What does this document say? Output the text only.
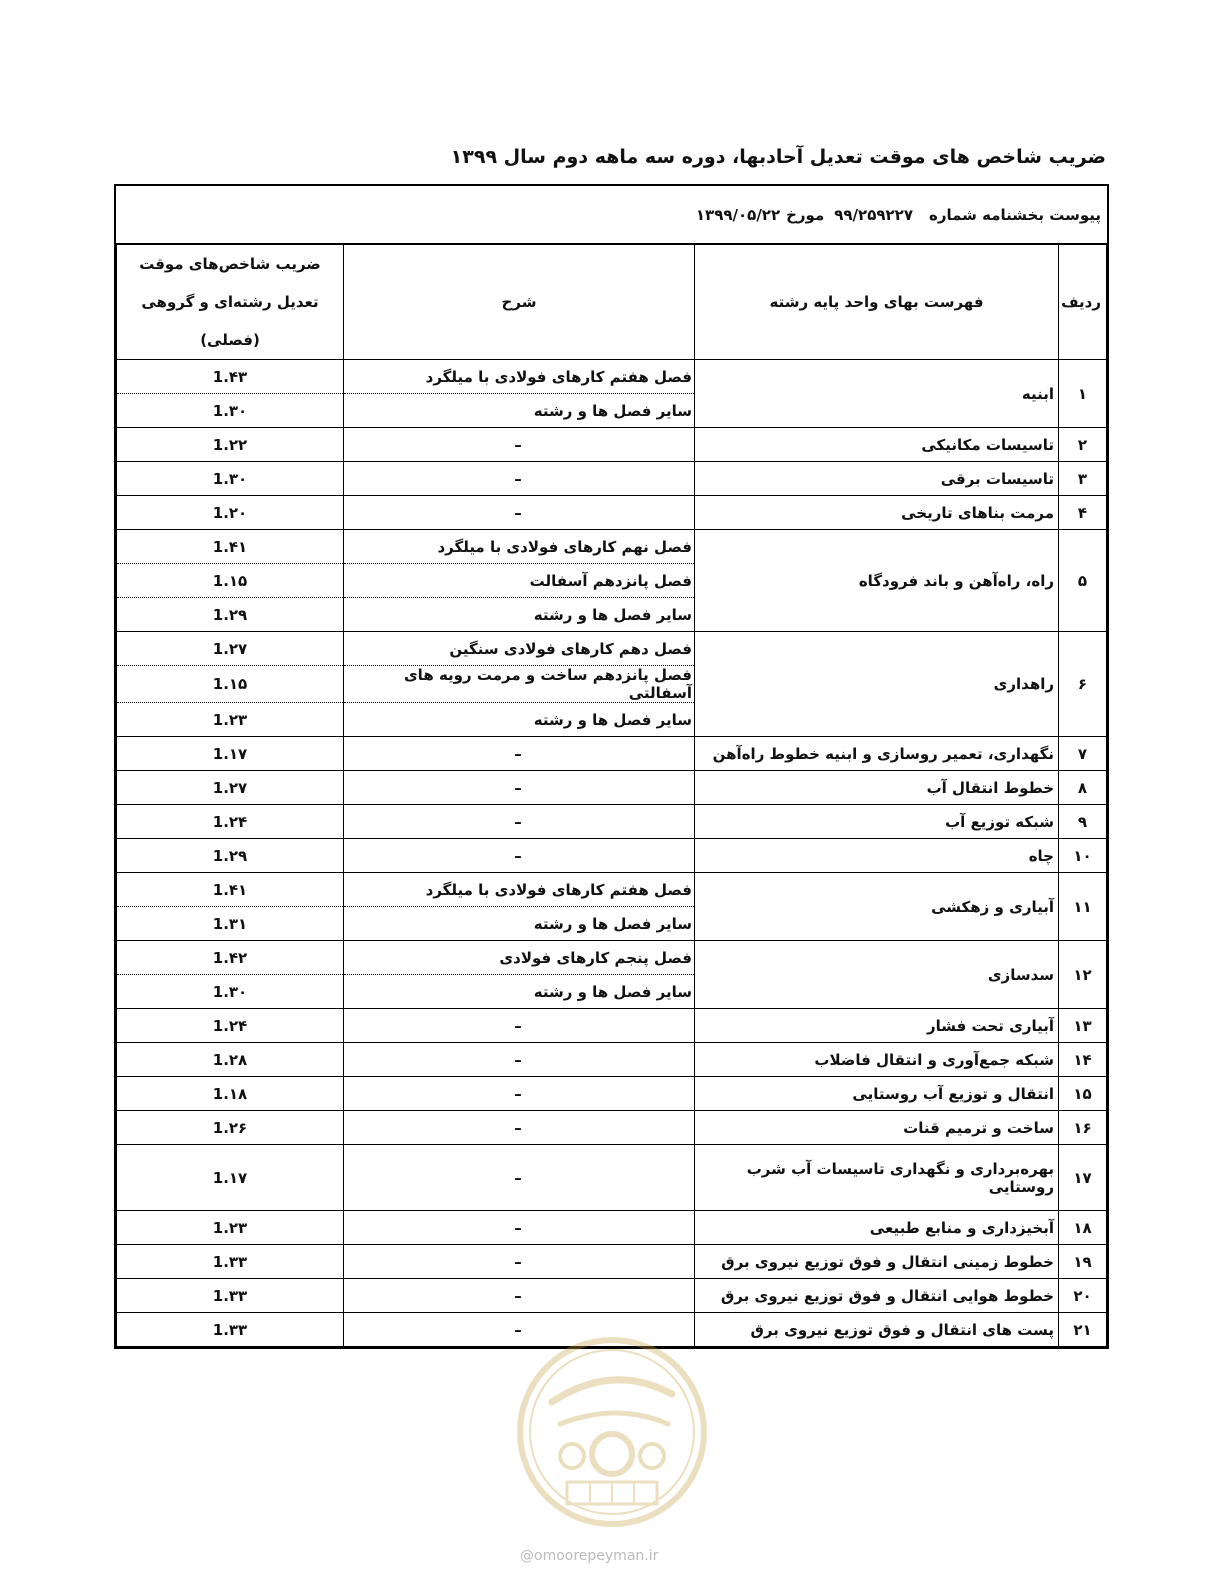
ضریب شاخص های موقت تعدیل آحادبها، دوره سه ماهه دوم سال ۱۳۹۹
پیوست بخشنامه شماره
۹۹/۲۵۹۲۲۷
مورخ
۱۳۹۹/۰۵/۲۲
ردیف	فهرست بهای واحد پایه رشته	شرح	ضریب شاخص‌های موقت تعدیل رشته‌ای و گروهی (فصلی)
۱	ابنیه	فصل هفتم کارهای فولادی با میلگرد	1.۴۳
		سایر فصل ها و رشته	1.۳۰
۲	تاسیسات مکانیکی	–	1.۲۲
۳	تاسیسات برقی	–	1.۳۰
۴	مرمت بناهای تاریخی	–	1.۲۰
۵	راه، راه‌آهن و باند فرودگاه	فصل نهم کارهای فولادی با میلگرد	1.۴۱
		فصل پانزدهم آسفالت	1.۱۵
		سایر فصل ها و رشته	1.۲۹
۶	راهداری	فصل دهم کارهای فولادی سنگین	1.۲۷
		فصل پانزدهم ساخت و مرمت رویه های آسفالتی	1.۱۵
		سایر فصل ها و رشته	1.۲۳
۷	نگهداری، تعمیر روسازی و ابنیه خطوط راه‌آهن	–	1.۱۷
۸	خطوط انتقال آب	–	1.۲۷
۹	شبکه توزیع آب	–	1.۲۴
۱۰	چاه	–	1.۲۹
۱۱	آبیاری و زهکشی	فصل هفتم کارهای فولادی با میلگرد	1.۴۱
		سایر فصل ها و رشته	1.۳۱
۱۲	سدسازی	فصل پنجم کارهای فولادی	1.۴۲
		سایر فصل ها و رشته	1.۳۰
۱۳	آبیاری تحت فشار	–	1.۲۴
۱۴	شبکه جمع‌آوری و انتقال فاضلاب	–	1.۲۸
۱۵	انتقال و توزیع آب روستایی	–	1.۱۸
۱۶	ساخت و ترمیم قنات	–	1.۲۶
۱۷	بهره‌برداری و نگهداری تاسیسات آب شرب روستایی	–	1.۱۷
۱۸	آبخیزداری و منابع طبیعی	–	1.۲۳
۱۹	خطوط زمینی انتقال و فوق توزیع نیروی برق	–	1.۳۳
۲۰	خطوط هوایی انتقال و فوق توزیع نیروی برق	–	1.۳۳
۲۱	پست های انتقال و فوق توزیع نیروی برق	–	1.۳۳
@omoorepeyman.ir
